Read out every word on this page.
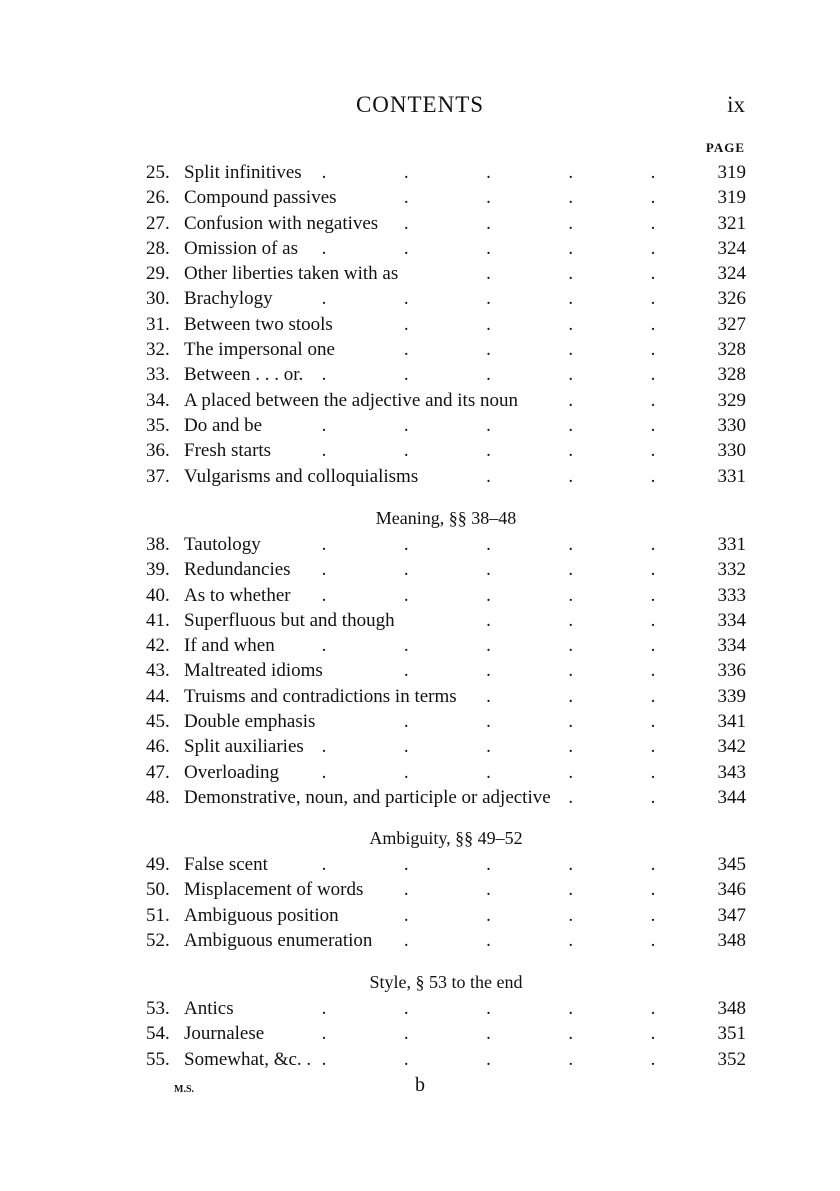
CONTENTS	ix
PAGE
25. Split infinitives .	.	.	.	.	319
26. Compound passives	.	.	.	.	319
27. Confusion with negatives .	.	.	.	321
28. Omission of as .	.	.	.	.	324
29. Other liberties taken with as	.	.	.	324
30. Brachylogy	.	.	.	.	.	326
31. Between two stools	.	.	.	.	327
32. The impersonal one	.	.	.	.	328
33. Between . . . or. .	.	.	.	.	328
34. A placed between the adjective and its noun	.	.	329
35. Do and be	.	.	.	.	.	330
36. Fresh starts	.	.	.	.	.	330
37. Vulgarisms and colloquialisms	.	.	.	331
Meaning, §§ 38–48
38. Tautology	.	.	.	.	.	331
39. Redundancies .	.	.	.	.	332
40. As to whether .	.	.	.	.	333
41. Superfluous but and though	.	.	.	334
42. If and when .	.	.	.	.	334
43. Maltreated idioms	.	.	.	.	336
44. Truisms and contradictions in terms .	.	.	339
45. Double emphasis	.	.	.	.	341
46. Split auxiliaries .	.	.	.	.	342
47. Overloading .	.	.	.	.	343
48. Demonstrative, noun, and participle or adjective .	.	344
Ambiguity, §§ 49–52
49. False scent	.	.	.	.	.	345
50. Misplacement of words .	.	.	.	346
51. Ambiguous position	.	.	.	.	347
52. Ambiguous enumeration .	.	.	.	348
Style, § 53 to the end
53. Antics	.	.	.	.	.	348
54. Journalese	.	.	.	.	.	351
55. Somewhat, &c. . .	.	.	.	.	352
M.S.	b
